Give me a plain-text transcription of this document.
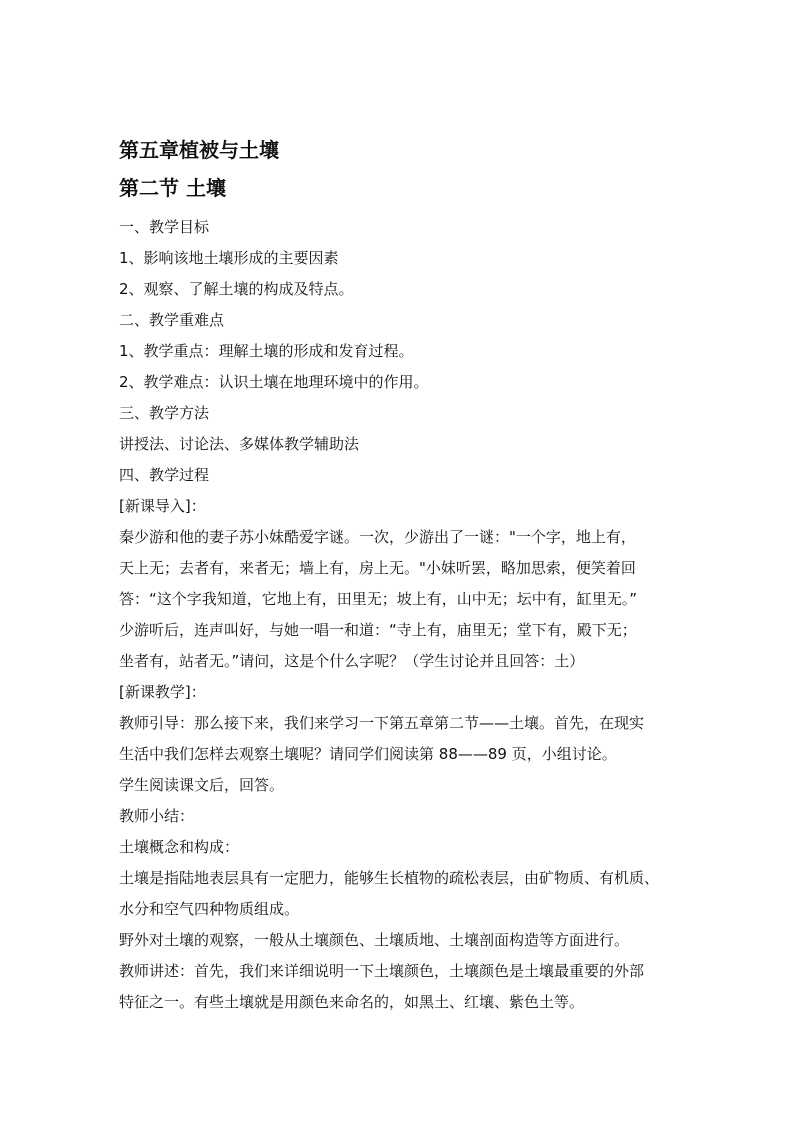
第五章植被与土壤
第二节 土壤

一、教学目标

1、影响该地土壤形成的主要因素

2、观察、了解土壤的构成及特点。

二、教学重难点

1、教学重点：理解土壤的形成和发育过程。

2、教学难点：认识土壤在地理环境中的作用。

三、教学方法

讲授法、讨论法、多媒体教学辅助法

四、教学过程

[新课导入]：

秦少游和他的妻子苏小妹酷爱字谜。一次，少游出了一谜："一个字，地上有，

天上无；去者有，来者无；墙上有，房上无。"小妹听罢，略加思索，便笑着回

答：“这个字我知道，它地上有，田里无；坡上有，山中无；坛中有，缸里无。”

少游听后，连声叫好，与她一唱一和道：“寺上有，庙里无；堂下有，殿下无；

坐者有，站者无。”请问，这是个什么字呢？（学生讨论并且回答：土）

[新课教学]：

教师引导：那么接下来，我们来学习一下第五章第二节——土壤。首先，在现实

生活中我们怎样去观察土壤呢？请同学们阅读第 88——89 页，小组讨论。

学生阅读课文后，回答。

教师小结：

土壤概念和构成：

土壤是指陆地表层具有一定肥力，能够生长植物的疏松表层，由矿物质、有机质、

水分和空气四种物质组成。

野外对土壤的观察，一般从土壤颜色、土壤质地、土壤剖面构造等方面进行。

教师讲述：首先，我们来详细说明一下土壤颜色，土壤颜色是土壤最重要的外部

特征之一。有些土壤就是用颜色来命名的，如黑土、红壤、紫色土等。
